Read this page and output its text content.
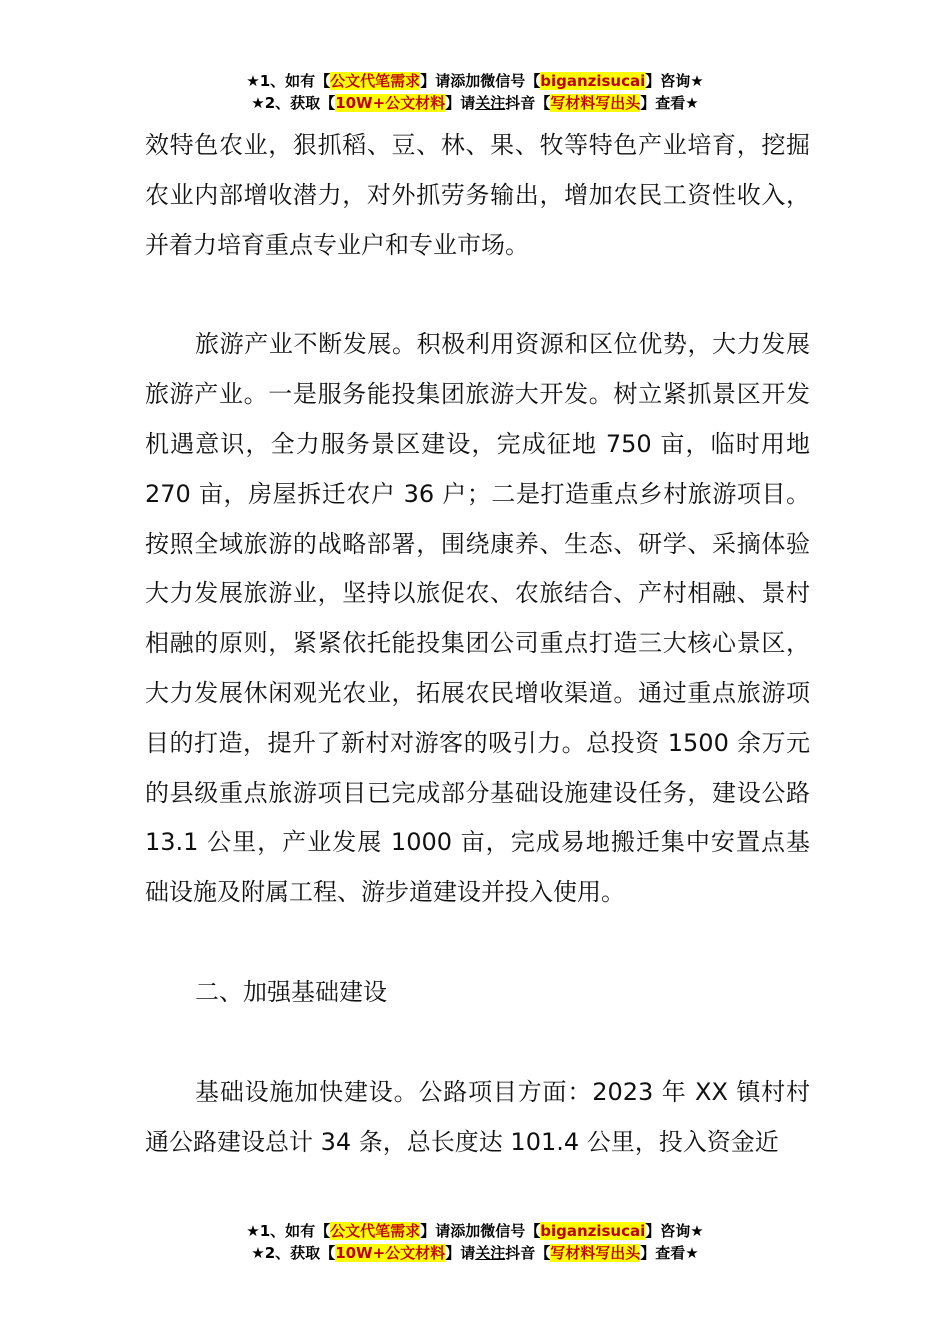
★1、如有【公文代笔需求】请添加微信号【biganzisucai】咨询★
★2、获取【10W+公文材料】请关注抖音【写材料写出头】查看★

效特色农业，狠抓稻、豆、林、果、牧等特色产业培育，挖掘农业内部增收潜力，对外抓劳务输出，增加农民工资性收入，并着力培育重点专业户和专业市场。

旅游产业不断发展。积极利用资源和区位优势，大力发展旅游产业。一是服务能投集团旅游大开发。树立紧抓景区开发机遇意识，全力服务景区建设，完成征地 750 亩，临时用地 270 亩，房屋拆迁农户 36 户；二是打造重点乡村旅游项目。按照全域旅游的战略部署，围绕康养、生态、研学、采摘体验大力发展旅游业，坚持以旅促农、农旅结合、产村相融、景村相融的原则，紧紧依托能投集团公司重点打造三大核心景区，大力发展休闲观光农业，拓展农民增收渠道。通过重点旅游项目的打造，提升了新村对游客的吸引力。总投资 1500 余万元的县级重点旅游项目已完成部分基础设施建设任务，建设公路 13.1 公里，产业发展 1000 亩，完成易地搬迁集中安置点基础设施及附属工程、游步道建设并投入使用。

二、加强基础建设

基础设施加快建设。公路项目方面：2023 年 XX 镇村村通公路建设总计 34 条，总长度达 101.4 公里，投入资金近

★1、如有【公文代笔需求】请添加微信号【biganzisucai】咨询★
★2、获取【10W+公文材料】请关注抖音【写材料写出头】查看★
